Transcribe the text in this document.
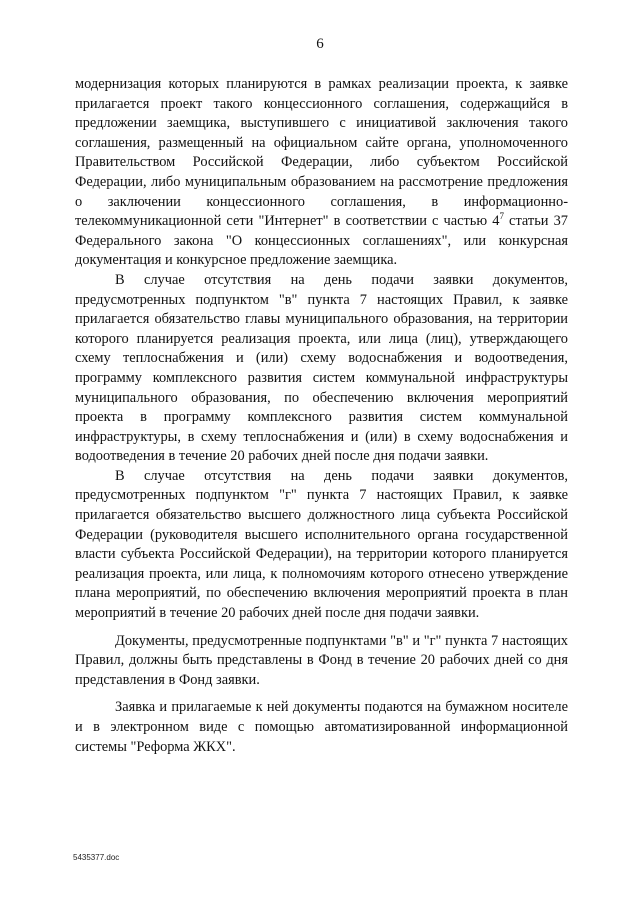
6

модернизация которых планируются в рамках реализации проекта, к заявке прилагается проект такого концессионного соглашения, содержащийся в предложении заемщика, выступившего с инициативой заключения такого соглашения, размещенный на официальном сайте органа, уполномоченного Правительством Российской Федерации, либо субъектом Российской Федерации, либо муниципальным образованием на рассмотрение предложения о заключении концессионного соглашения, в информационно-телекоммуникационной сети "Интернет" в соответствии с частью $4^7$ статьи 37 Федерального закона "О концессионных соглашениях", или конкурсная документация и конкурсное предложение заемщика.

В случае отсутствия на день подачи заявки документов, предусмотренных подпунктом "в" пункта 7 настоящих Правил, к заявке прилагается обязательство главы муниципального образования, на территории которого планируется реализация проекта, или лица (лиц), утверждающего схему теплоснабжения и (или) схему водоснабжения и водоотведения, программу комплексного развития систем коммунальной инфраструктуры муниципального образования, по обеспечению включения мероприятий проекта в программу комплексного развития систем коммунальной инфраструктуры, в схему теплоснабжения и (или) в схему водоснабжения и водоотведения в течение 20 рабочих дней после дня подачи заявки.

В случае отсутствия на день подачи заявки документов, предусмотренных подпунктом "г" пункта 7 настоящих Правил, к заявке прилагается обязательство высшего должностного лица субъекта Российской Федерации (руководителя высшего исполнительного органа государственной власти субъекта Российской Федерации), на территории которого планируется реализация проекта, или лица, к полномочиям которого отнесено утверждение плана мероприятий, по обеспечению включения мероприятий проекта в план мероприятий в течение 20 рабочих дней после дня подачи заявки.

Документы, предусмотренные подпунктами "в" и "г" пункта 7 настоящих Правил, должны быть представлены в Фонд в течение 20 рабочих дней со дня представления в Фонд заявки.

Заявка и прилагаемые к ней документы подаются на бумажном носителе и в электронном виде с помощью автоматизированной информационной системы "Реформа ЖКХ".

5435377.doc
